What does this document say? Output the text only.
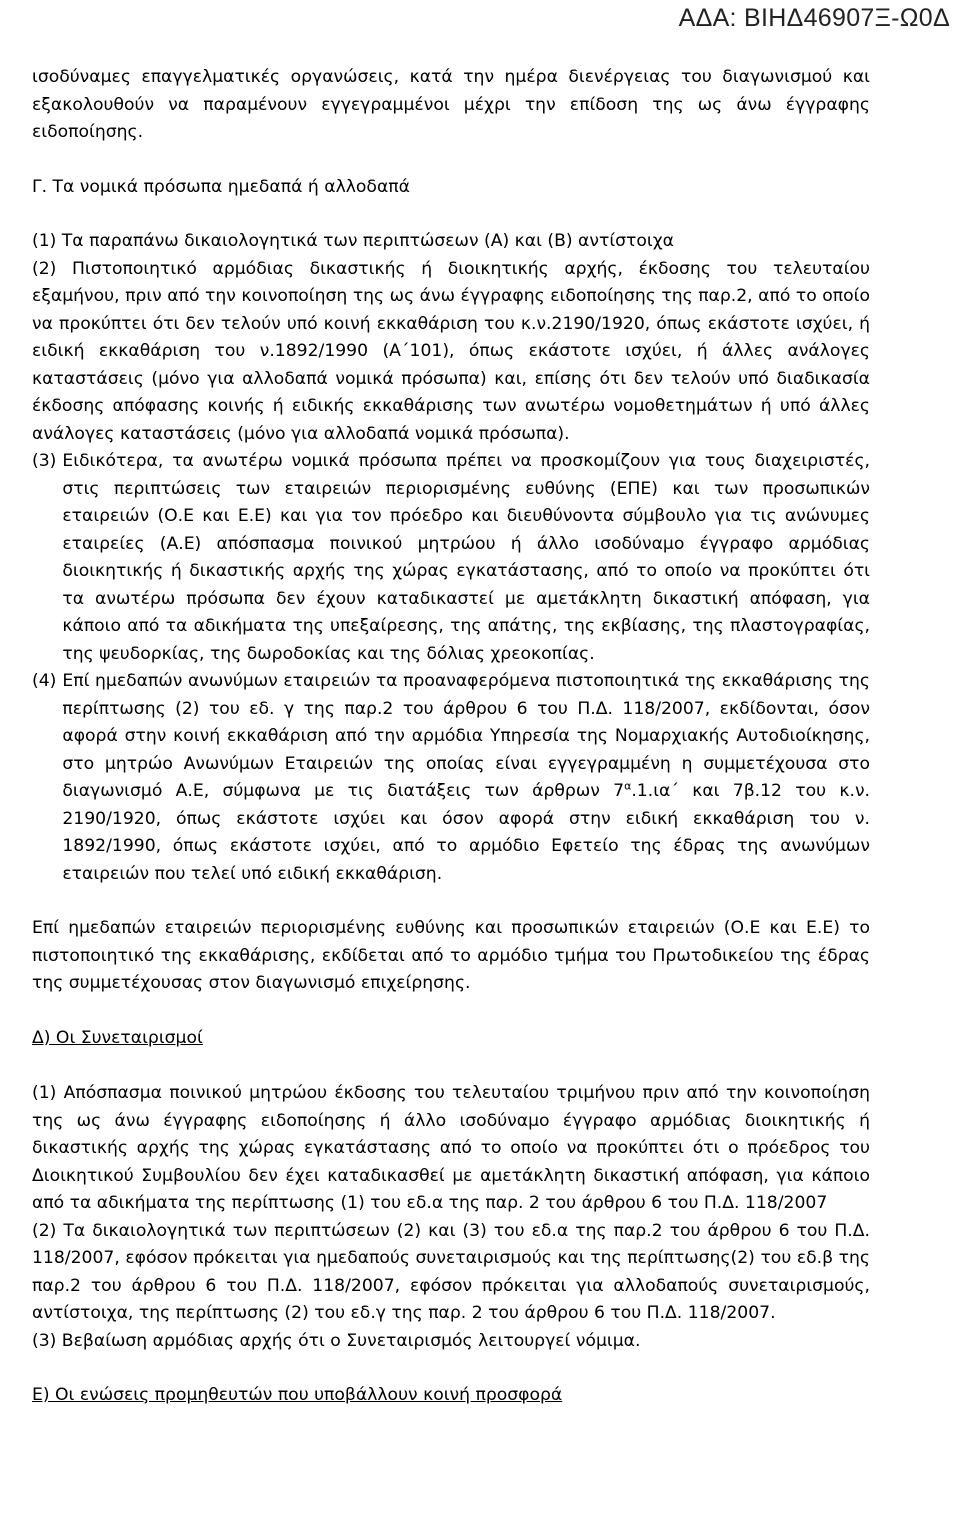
ΑΔΑ: ΒΙΗΔ46907Ξ-Ω0Δ

ισοδύναμες επαγγελματικές οργανώσεις, κατά την ημέρα διενέργειας του διαγωνισμού και εξακολουθούν να παραμένουν εγγεγραμμένοι μέχρι την επίδοση της ως άνω έγγραφης ειδοποίησης.

Γ. Τα νομικά πρόσωπα ημεδαπά ή αλλοδαπά

(1) Τα παραπάνω δικαιολογητικά των περιπτώσεων (Α) και (Β) αντίστοιχα

(2) Πιστοποιητικό αρμόδιας δικαστικής ή διοικητικής αρχής, έκδοσης του τελευταίου εξαμήνου, πριν από την κοινοποίηση της ως άνω έγγραφης ειδοποίησης της παρ.2, από το οποίο να προκύπτει ότι δεν τελούν υπό κοινή εκκαθάριση του κ.ν.2190/1920, όπως εκάστοτε ισχύει, ή ειδική εκκαθάριση του ν.1892/1990 (Α΄101), όπως εκάστοτε ισχύει, ή άλλες ανάλογες καταστάσεις (μόνο για αλλοδαπά νομικά πρόσωπα) και, επίσης ότι δεν τελούν υπό διαδικασία έκδοσης απόφασης κοινής ή ειδικής εκκαθάρισης των ανωτέρω νομοθετημάτων ή υπό άλλες ανάλογες καταστάσεις (μόνο για αλλοδαπά νομικά πρόσωπα).

(3) Ειδικότερα, τα ανωτέρω νομικά πρόσωπα πρέπει να προσκομίζουν για τους διαχειριστές, στις περιπτώσεις των εταιρειών περιορισμένης ευθύνης (ΕΠΕ) και των προσωπικών εταιρειών (Ο.Ε και Ε.Ε) και για τον πρόεδρο και διευθύνοντα σύμβουλο για τις ανώνυμες εταιρείες (Α.Ε) απόσπασμα ποινικού μητρώου ή άλλο ισοδύναμο έγγραφο αρμόδιας διοικητικής ή δικαστικής αρχής της χώρας εγκατάστασης, από το οποίο να προκύπτει ότι τα ανωτέρω πρόσωπα δεν έχουν καταδικαστεί με αμετάκλητη δικαστική απόφαση, για κάποιο από τα αδικήματα της υπεξαίρεσης, της απάτης, της εκβίασης, της πλαστογραφίας, της ψευδορκίας, της δωροδοκίας και της δόλιας χρεοκοπίας.
(4) Επί ημεδαπών ανωνύμων εταιρειών τα προαναφερόμενα πιστοποιητικά της εκκαθάρισης της περίπτωσης (2) του εδ. γ της παρ.2 του άρθρου 6 του Π.Δ. 118/2007, εκδίδονται, όσον αφορά στην κοινή εκκαθάριση από την αρμόδια Υπηρεσία της Νομαρχιακής Αυτοδιοίκησης, στο μητρώο Ανωνύμων Εταιρειών της οποίας είναι εγγεγραμμένη η συμμετέχουσα στο διαγωνισμό Α.Ε, σύμφωνα με τις διατάξεις των άρθρων $7^\alpha.1.\iota\alpha΄$ και 7β.12 του κ.ν. 2190/1920, όπως εκάστοτε ισχύει και όσον αφορά στην ειδική εκκαθάριση του ν. 1892/1990, όπως εκάστοτε ισχύει, από το αρμόδιο Εφετείο της έδρας της ανωνύμων εταιρειών που τελεί υπό ειδική εκκαθάριση.

Επί ημεδαπών εταιρειών περιορισμένης ευθύνης και προσωπικών εταιρειών (Ο.Ε και Ε.Ε) το πιστοποιητικό της εκκαθάρισης, εκδίδεται από το αρμόδιο τμήμα του Πρωτοδικείου της έδρας της συμμετέχουσας στον διαγωνισμό επιχείρησης.

Δ) Οι Συνεταιρισμοί

(1) Απόσπασμα ποινικού μητρώου έκδοσης του τελευταίου τριμήνου πριν από την κοινοποίηση της ως άνω έγγραφης ειδοποίησης ή άλλο ισοδύναμο έγγραφο αρμόδιας διοικητικής ή δικαστικής αρχής της χώρας εγκατάστασης από το οποίο να προκύπτει ότι ο πρόεδρος του Διοικητικού Συμβουλίου δεν έχει καταδικασθεί με αμετάκλητη δικαστική απόφαση, για κάποιο από τα αδικήματα της περίπτωσης (1) του εδ.α της παρ. 2 του άρθρου 6 του Π.Δ. 118/2007

(2) Τα δικαιολογητικά των περιπτώσεων (2) και (3) του εδ.α της παρ.2 του άρθρου 6 του Π.Δ. 118/2007, εφόσον πρόκειται για ημεδαπούς συνεταιρισμούς και της περίπτωσης(2) του εδ.β της παρ.2 του άρθρου 6 του Π.Δ. 118/2007, εφόσον πρόκειται για αλλοδαπούς συνεταιρισμούς, αντίστοιχα, της περίπτωσης (2) του εδ.γ της παρ. 2 του άρθρου 6 του Π.Δ. 118/2007.

(3) Βεβαίωση αρμόδιας αρχής ότι ο Συνεταιρισμός λειτουργεί νόμιμα.

Ε) Οι ενώσεις προμηθευτών που υποβάλλουν κοινή προσφορά
